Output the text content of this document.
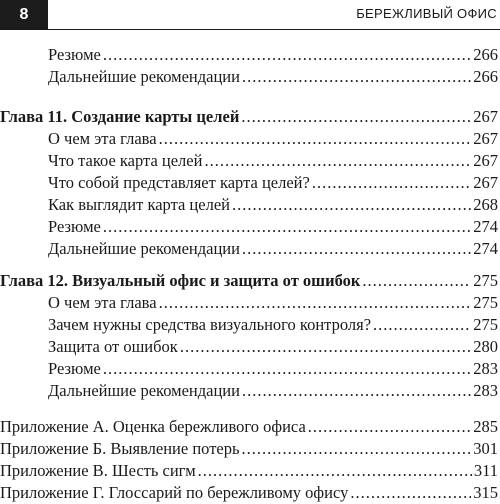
8	БЕРЕЖЛИВЫЙ ОФИС
Резюме .....	266
Дальнейшие рекомендации .....	266
Глава 11. Создание карты целей .....	267
О чем эта глава .....	267
Что такое карта целей .....	267
Что собой представляет карта целей? .....	267
Как выглядит карта целей .....	268
Резюме .....	274
Дальнейшие рекомендации .....	274
Глава 12. Визуальный офис и защита от ошибок .....	275
О чем эта глава .....	275
Зачем нужны средства визуального контроля? .....	275
Защита от ошибок .....	280
Резюме .....	283
Дальнейшие рекомендации .....	283
Приложение А. Оценка бережливого офиса .....	285
Приложение Б. Выявление потерь .....	301
Приложение В. Шесть сигм .....	311
Приложение Г. Глоссарий по бережливому офису .....	315
